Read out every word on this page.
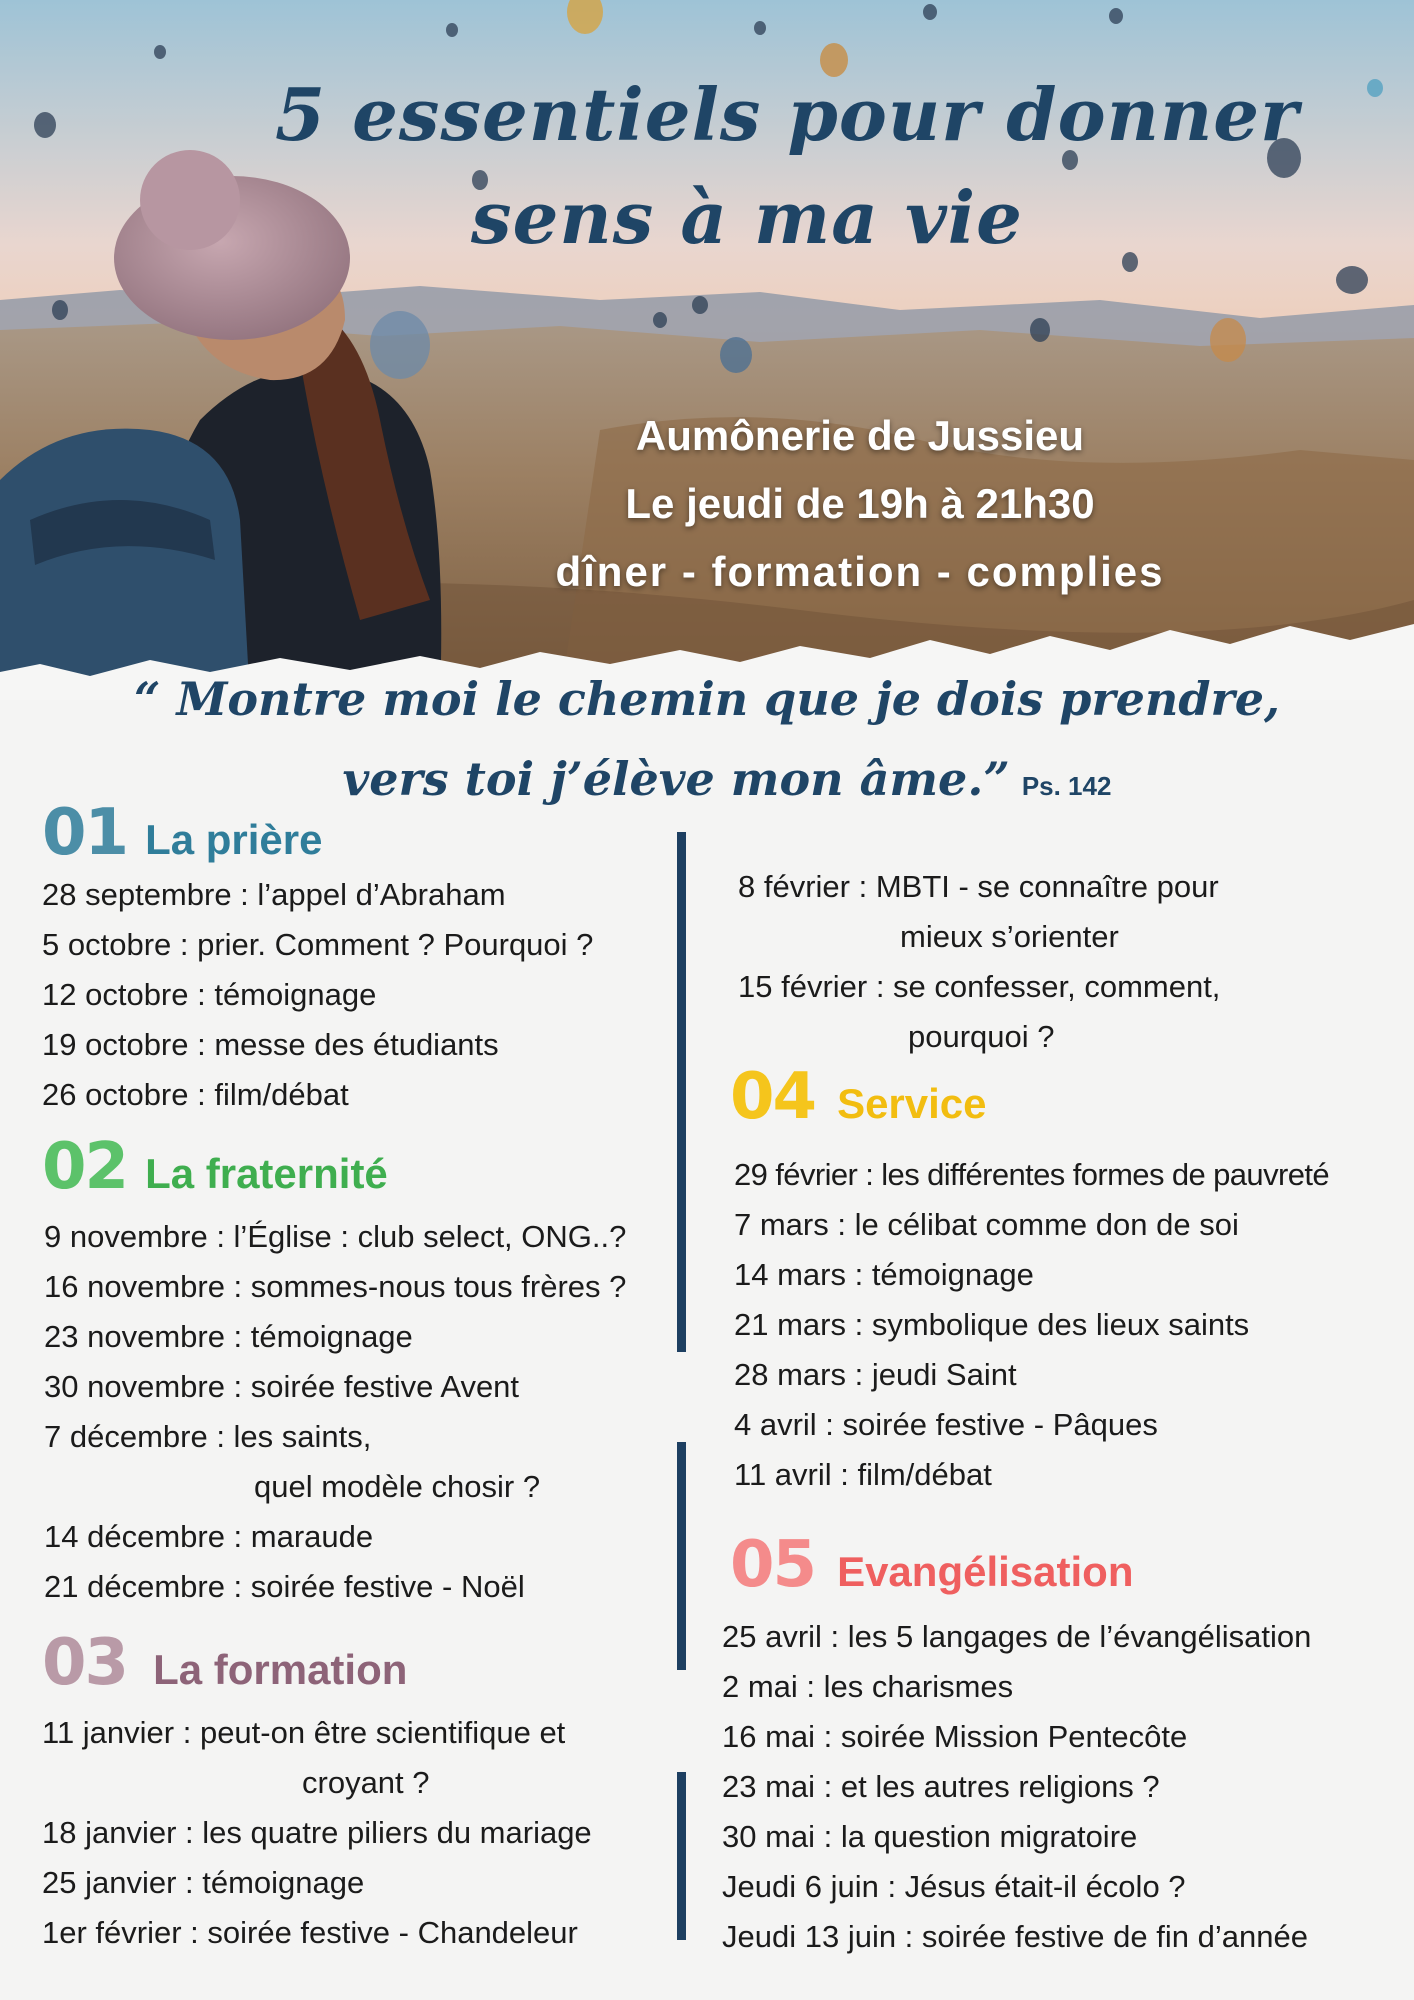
5 essentiels pour donner
sens à ma vie
Aumônerie de Jussieu
Le jeudi de 19h à 21h30
dîner - formation - complies
“ Montre moi le chemin que je dois prendre,
vers toi j’élève mon âme.” Ps. 142
01 La prière
28 septembre : l’appel d’Abraham
5 octobre : prier. Comment ? Pourquoi ?
12 octobre : témoignage
19 octobre : messe des étudiants
26 octobre : film/débat
02 La fraternité
9 novembre : l’Église : club select, ONG..?
16 novembre : sommes-nous tous frères ?
23 novembre : témoignage
30 novembre : soirée festive Avent
7 décembre : les saints,
quel modèle chosir ?
14 décembre : maraude
21 décembre : soirée festive - Noël
03 La formation
11 janvier : peut-on être scientifique et
croyant ?
18 janvier : les quatre piliers du mariage
25 janvier : témoignage
1er février : soirée festive - Chandeleur
8 février : MBTI - se connaître pour
mieux s’orienter
15 février : se confesser, comment,
pourquoi ?
04 Service
29 février : les différentes formes de pauvreté
7 mars : le célibat comme don de soi
14 mars : témoignage
21 mars : symbolique des lieux saints
28 mars : jeudi Saint
4 avril : soirée festive - Pâques
11 avril : film/débat
05 Evangélisation
25 avril : les 5 langages de l’évangélisation
2 mai : les charismes
16 mai : soirée Mission Pentecôte
23 mai : et les autres religions ?
30 mai : la question migratoire
Jeudi 6 juin : Jésus était-il écolo ?
Jeudi 13 juin : soirée festive de fin d’année
